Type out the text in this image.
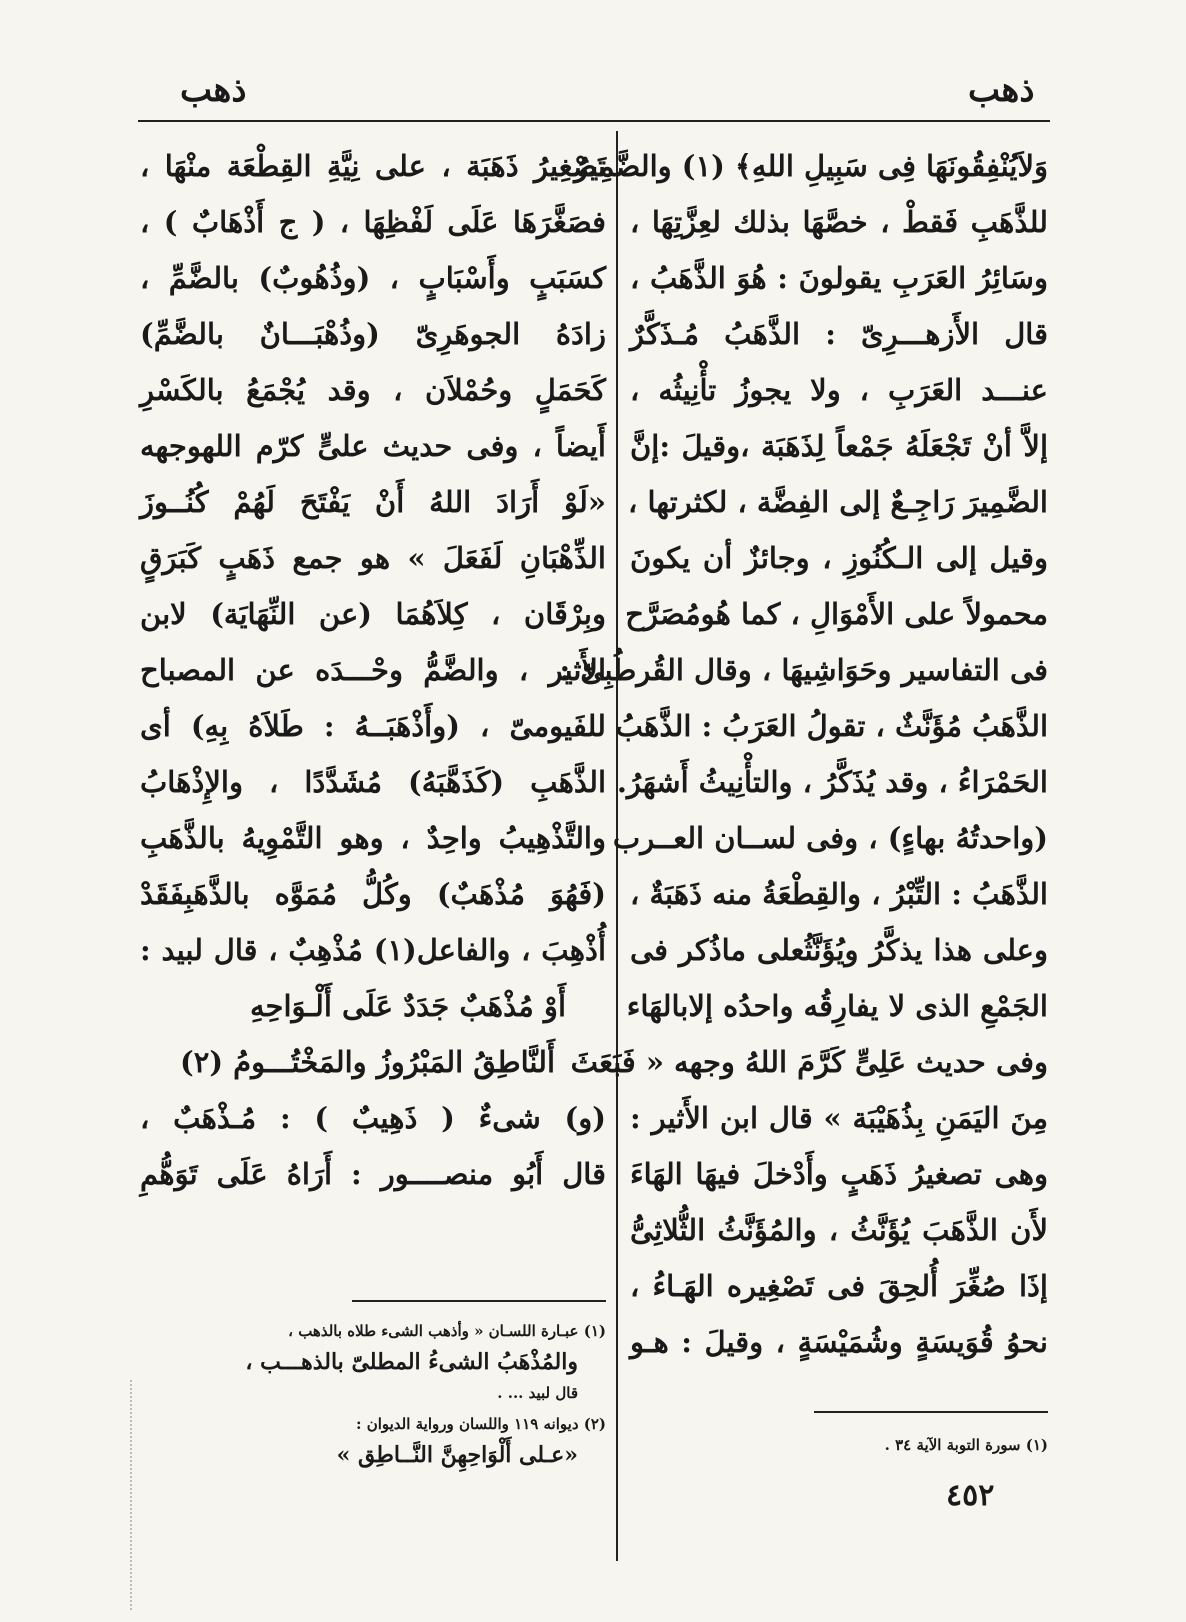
ذهب
ذهب
وَلاَيُنْفِقُونَهَا فِى سَبِيلِ اللهِ﴾ (١) والضَّمِيرُ
للذَّهَبِ فَقطْ ، خصَّهَا بذلك لعِزَّتِهَا ،
وسَائِرُ العَرَبِ يقولونَ : هُوَ الذَّهَبُ ،
قال الأَزهـــرِىّ : الذَّهَبُ مُـذَكَّرٌ
عنـــد العَرَبِ ، ولا يجوزُ تأْنِيثُه ،
إلاَّ أنْ تَجْعَلَهُ جَمْعاً لِذَهَبَة ،وقيلَ :إنَّ
الضَّمِيرَ رَاجِـعٌ إلى الفِضَّة ، لكثرتها ،
وقيل إلى الـكُنُوزِ ، وجائزٌ أن يكونَ
محمولاً على الأَمْوَالِ ، كما هُومُصَرَّح
فى التفاسير وحَوَاشِيهَا ، وقال القُرطُبِىّ :
الذَّهَبُ مُؤَنَّثٌ ، تقولُ العَرَبُ : الذَّهَبُ
الحَمْرَاءُ ، وقد يُذَكَّرُ ، والتأْنِيثُ أَشهَرُ.
(واحدتُهُ بهاءٍ) ، وفى لســان العــرب
الذَّهَبُ : التِّبْرُ ، والقِطْعَةُ منه ذَهَبَةٌ ،
وعلى هذا يذكَّرُ ويُؤَنَّثُعلى ماذُكر فى
الجَمْعِ الذى لا يفارِقُه واحدُه إلابالهَاء
وفى حديث عَلِىٍّ كَرَّمَ اللهُ وجهه « فَبَعَثَ
مِنَ اليَمَنِ بِذُهَيْبَة » قال ابن الأَثير :
وهى تصغيرُ ذَهَبٍ وأَدْخلَ فيهَا الهَاءَ
لأَن الذَّهَبَ يُؤَنَّثُ ، والمُؤَنَّثُ الثُّلاثِىُّ
إذَا صُغِّرَ أُلحِقَ فى تَصْغِيره الهَـاءُ ،
نحوُ قُوَيسَةٍ وشُمَيْسَةٍ ، وقيلَ : هـو
تَصْغِيرُ ذَهَبَة ، على نِيَّةِ القِطْعَة منْهَا ،
فصَغَّرَهَا عَلَى لَفْظِهَا ، ( ج أَذْهَابٌ ) ،
كسَبَبٍ وأَسْبَابٍ ، (وذُهُوبٌ) بالضَّمِّ ،
زادَهُ الجوهَرِىّ (وذُهْبَـــانٌ بالضَّمِّ)
كَحَمَلٍ وحُمْلاَن ، وقد يُجْمَعُ بالكَسْرِ
أَيضاً ، وفى حديث علىٍّ كرّم اللهوجهه
«لَوْ أَرَادَ اللهُ أَنْ يَفْتَحَ لَهُمْ كُنُــوزَ
الذِّهْبَانِ لَفَعَلَ » هو جمع ذَهَبٍ كَبَرَقٍ
وبِرْقَان ، كِلاَهُمَا (عن النِّهَايَة) لابن
الأَثير ، والضَّمُّ وحْـــدَه عن المصباح
للفَيومىّ ، (وأَذْهَبَــهُ : طَلاَهُ بِهِ) أى
الذَّهَبِ (كَذَهَّبَهُ) مُشَدَّدًا ، والإِذْهَابُ
والتَّذْهِيبُ واحِدٌ ، وهو التَّمْوِيهُ بالذَّهَبِ
(فَهُوَ مُذْهَبٌ) وكُلُّ مُمَوَّه بالذَّهَبِفَقَدْ
أُذْهِبَ ، والفاعل(١) مُذْهِبٌ ، قال لبيد :
أَوْ مُذْهَبٌ جَدَدٌ عَلَى أَلْـوَاحِهِ
أَلنَّاطِقُ المَبْرُوزُ والمَخْتُـــومُ (٢)
(و) شىءٌ ( ذَهِيبٌ ) : مُـذْهَبٌ ،
قال أَبُو منصــــور : أَرَاهُ عَلَى تَوَهُّمِ
(١) عبـارة اللسـان « وأذهب الشىء طلاه بالذهب ،
والمُذْهَبُ الشىءُ المطلىّ بالذهـــب ،
قال لبيد ... .
(٢) ديوانه ١١٩ واللسان ورواية الديوان :
«عـلى أَلْوَاحِهِنَّ النَّــاطِق »	(١) سورة التوبة الآية ٣٤ .
٤٥٢
